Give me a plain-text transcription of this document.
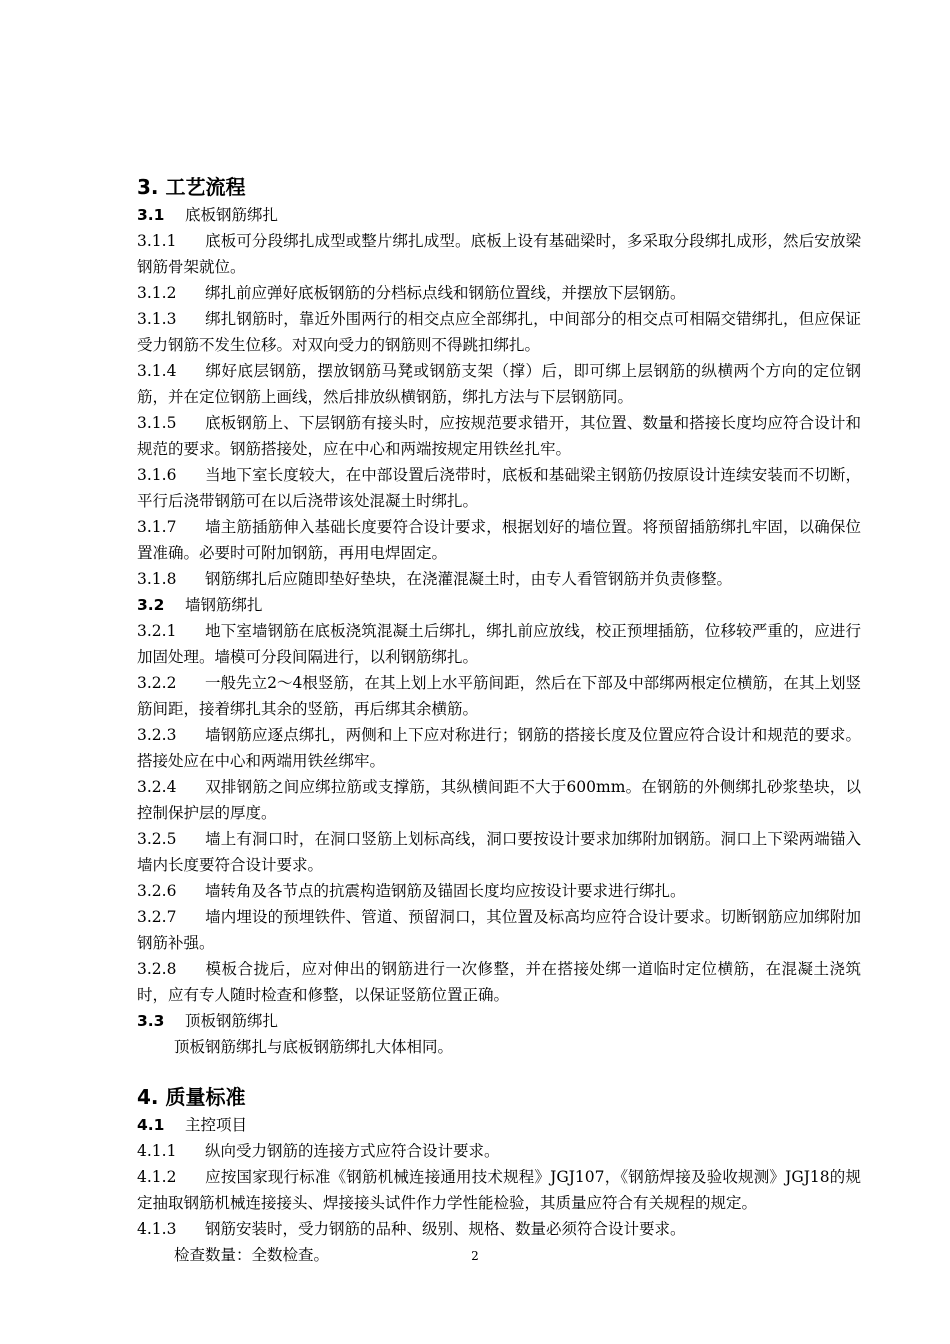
3. 工艺流程
3.1 底板钢筋绑扎
3.1.1 底板可分段绑扎成型或整片绑扎成型。底板上设有基础梁时，多采取分段绑扎成形，然后安放梁钢筋骨架就位。
3.1.2 绑扎前应弹好底板钢筋的分档标点线和钢筋位置线，并摆放下层钢筋。
3.1.3 绑扎钢筋时，靠近外围两行的相交点应全部绑扎，中间部分的相交点可相隔交错绑扎，但应保证受力钢筋不发生位移。对双向受力的钢筋则不得跳扣绑扎。
3.1.4 绑好底层钢筋，摆放钢筋马凳或钢筋支架（撑）后，即可绑上层钢筋的纵横两个方向的定位钢筋，并在定位钢筋上画线，然后排放纵横钢筋，绑扎方法与下层钢筋同。
3.1.5 底板钢筋上、下层钢筋有接头时，应按规范要求错开，其位置、数量和搭接长度均应符合设计和规范的要求。钢筋搭接处，应在中心和两端按规定用铁丝扎牢。
3.1.6 当地下室长度较大，在中部设置后浇带时，底板和基础梁主钢筋仍按原设计连续安装而不切断，平行后浇带钢筋可在以后浇带该处混凝土时绑扎。
3.1.7 墙主筋插筋伸入基础长度要符合设计要求，根据划好的墙位置。将预留插筋绑扎牢固，以确保位置准确。必要时可附加钢筋，再用电焊固定。
3.1.8 钢筋绑扎后应随即垫好垫块，在浇灌混凝土时，由专人看管钢筋并负责修整。
3.2 墙钢筋绑扎
3.2.1 地下室墙钢筋在底板浇筑混凝土后绑扎，绑扎前应放线，校正预埋插筋，位移较严重的，应进行加固处理。墙模可分段间隔进行，以利钢筋绑扎。
3.2.2 一般先立2～4根竖筋，在其上划上水平筋间距，然后在下部及中部绑两根定位横筋，在其上划竖筋间距，接着绑扎其余的竖筋，再后绑其余横筋。
3.2.3 墙钢筋应逐点绑扎，两侧和上下应对称进行；钢筋的搭接长度及位置应符合设计和规范的要求。搭接处应在中心和两端用铁丝绑牢。
3.2.4 双排钢筋之间应绑拉筋或支撑筋，其纵横间距不大于600mm。在钢筋的外侧绑扎砂浆垫块，以控制保护层的厚度。
3.2.5 墙上有洞口时，在洞口竖筋上划标高线，洞口要按设计要求加绑附加钢筋。洞口上下梁两端锚入墙内长度要符合设计要求。
3.2.6 墙转角及各节点的抗震构造钢筋及锚固长度均应按设计要求进行绑扎。
3.2.7 墙内埋设的预埋铁件、管道、预留洞口，其位置及标高均应符合设计要求。切断钢筋应加绑附加钢筋补强。
3.2.8 模板合拢后，应对伸出的钢筋进行一次修整，并在搭接处绑一道临时定位横筋，在混凝土浇筑时，应有专人随时检查和修整，以保证竖筋位置正确。
3.3 顶板钢筋绑扎
顶板钢筋绑扎与底板钢筋绑扎大体相同。
4. 质量标准
4.1 主控项目
4.1.1 纵向受力钢筋的连接方式应符合设计要求。
4.1.2 应按国家现行标准《钢筋机械连接通用技术规程》JGJ107，《钢筋焊接及验收规测》JGJ18的规定抽取钢筋机械连接接头、焊接接头试件作力学性能检验，其质量应符合有关规程的规定。
4.1.3 钢筋安装时，受力钢筋的品种、级别、规格、数量必须符合设计要求。
检查数量：全数检查。	2
